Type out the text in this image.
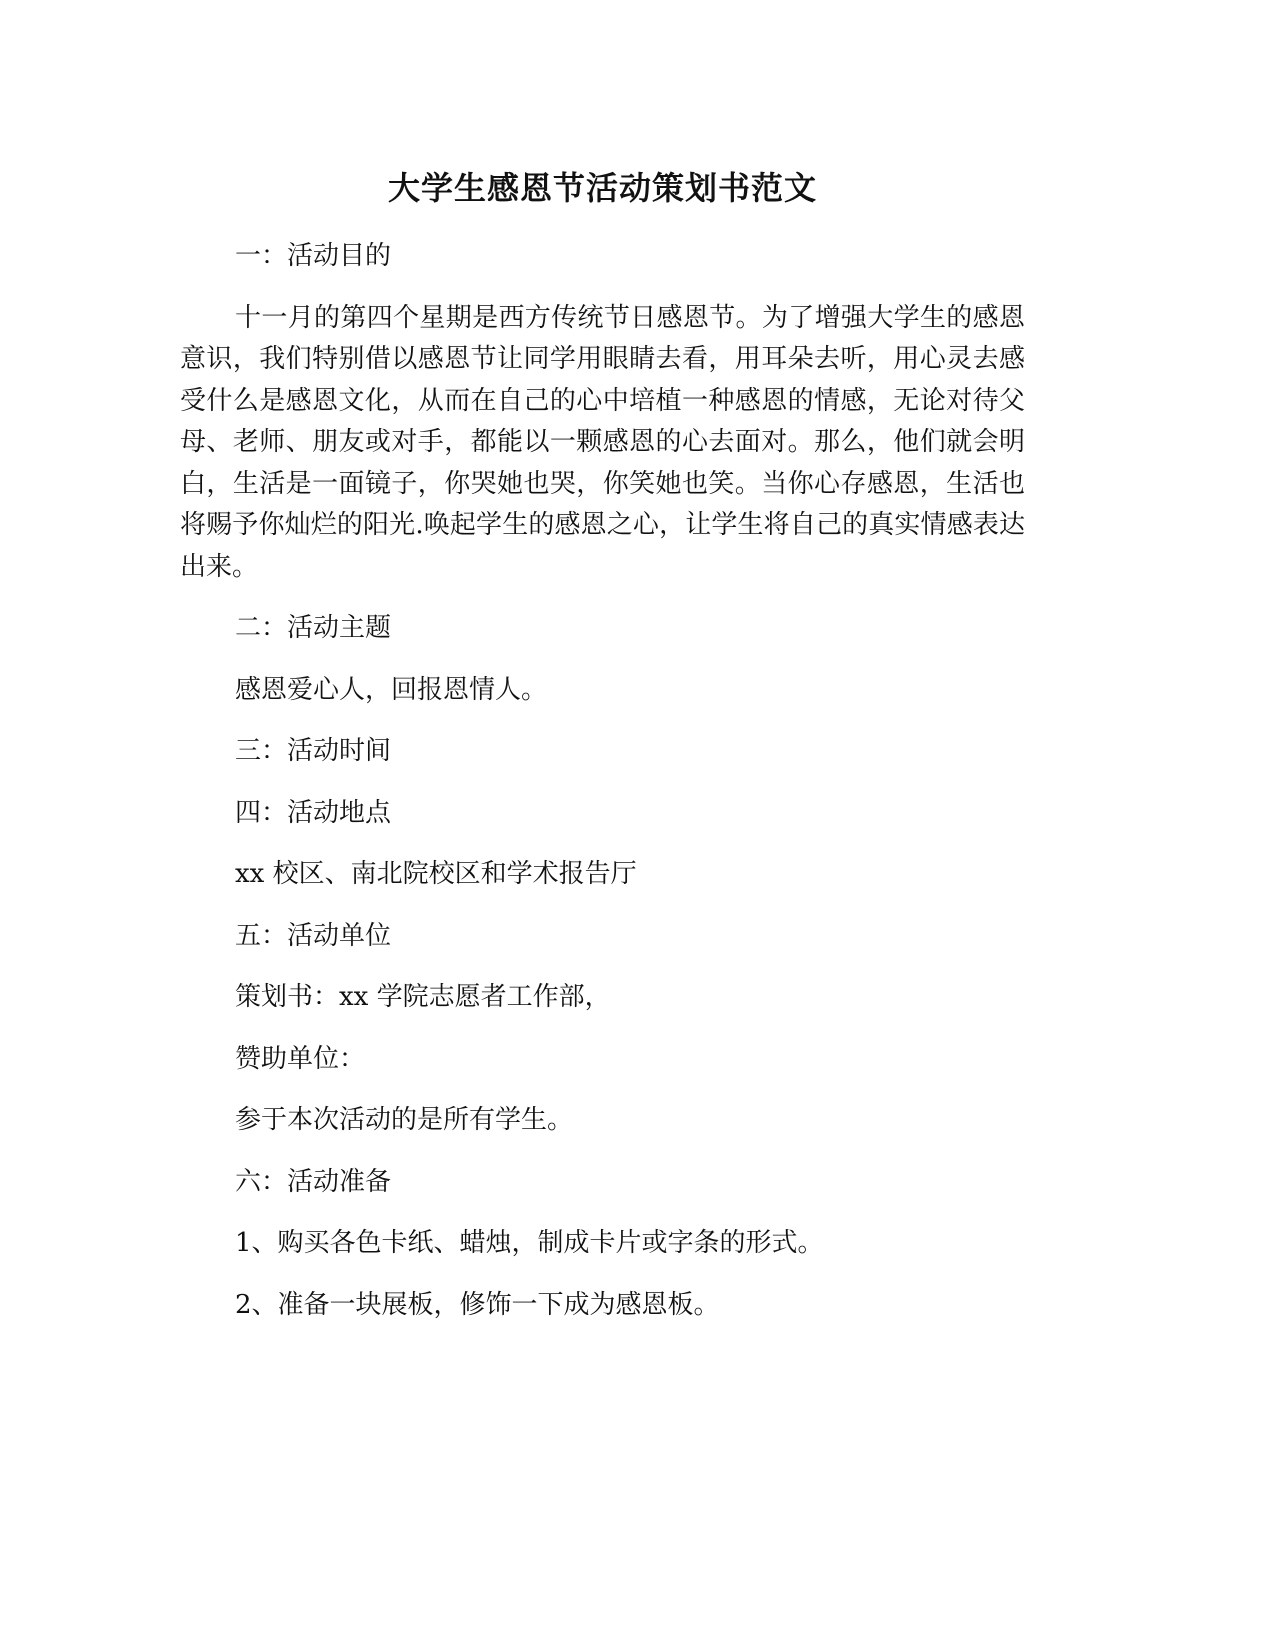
大学生感恩节活动策划书范文

一：活动目的

十一月的第四个星期是西方传统节日感恩节。为了增强大学生的感恩意识，我们特别借以感恩节让同学用眼睛去看，用耳朵去听，用心灵去感受什么是感恩文化，从而在自己的心中培植一种感恩的情感，无论对待父母、老师、朋友或对手，都能以一颗感恩的心去面对。那么，他们就会明白，生活是一面镜子，你哭她也哭，你笑她也笑。当你心存感恩，生活也将赐予你灿烂的阳光.唤起学生的感恩之心，让学生将自己的真实情感表达出来。

二：活动主题

感恩爱心人，回报恩情人。

三：活动时间

四：活动地点

xx 校区、南北院校区和学术报告厅

五：活动单位

策划书：xx 学院志愿者工作部，

赞助单位：

参于本次活动的是所有学生。

六：活动准备

1、购买各色卡纸、蜡烛，制成卡片或字条的形式。

2、准备一块展板，修饰一下成为感恩板。
